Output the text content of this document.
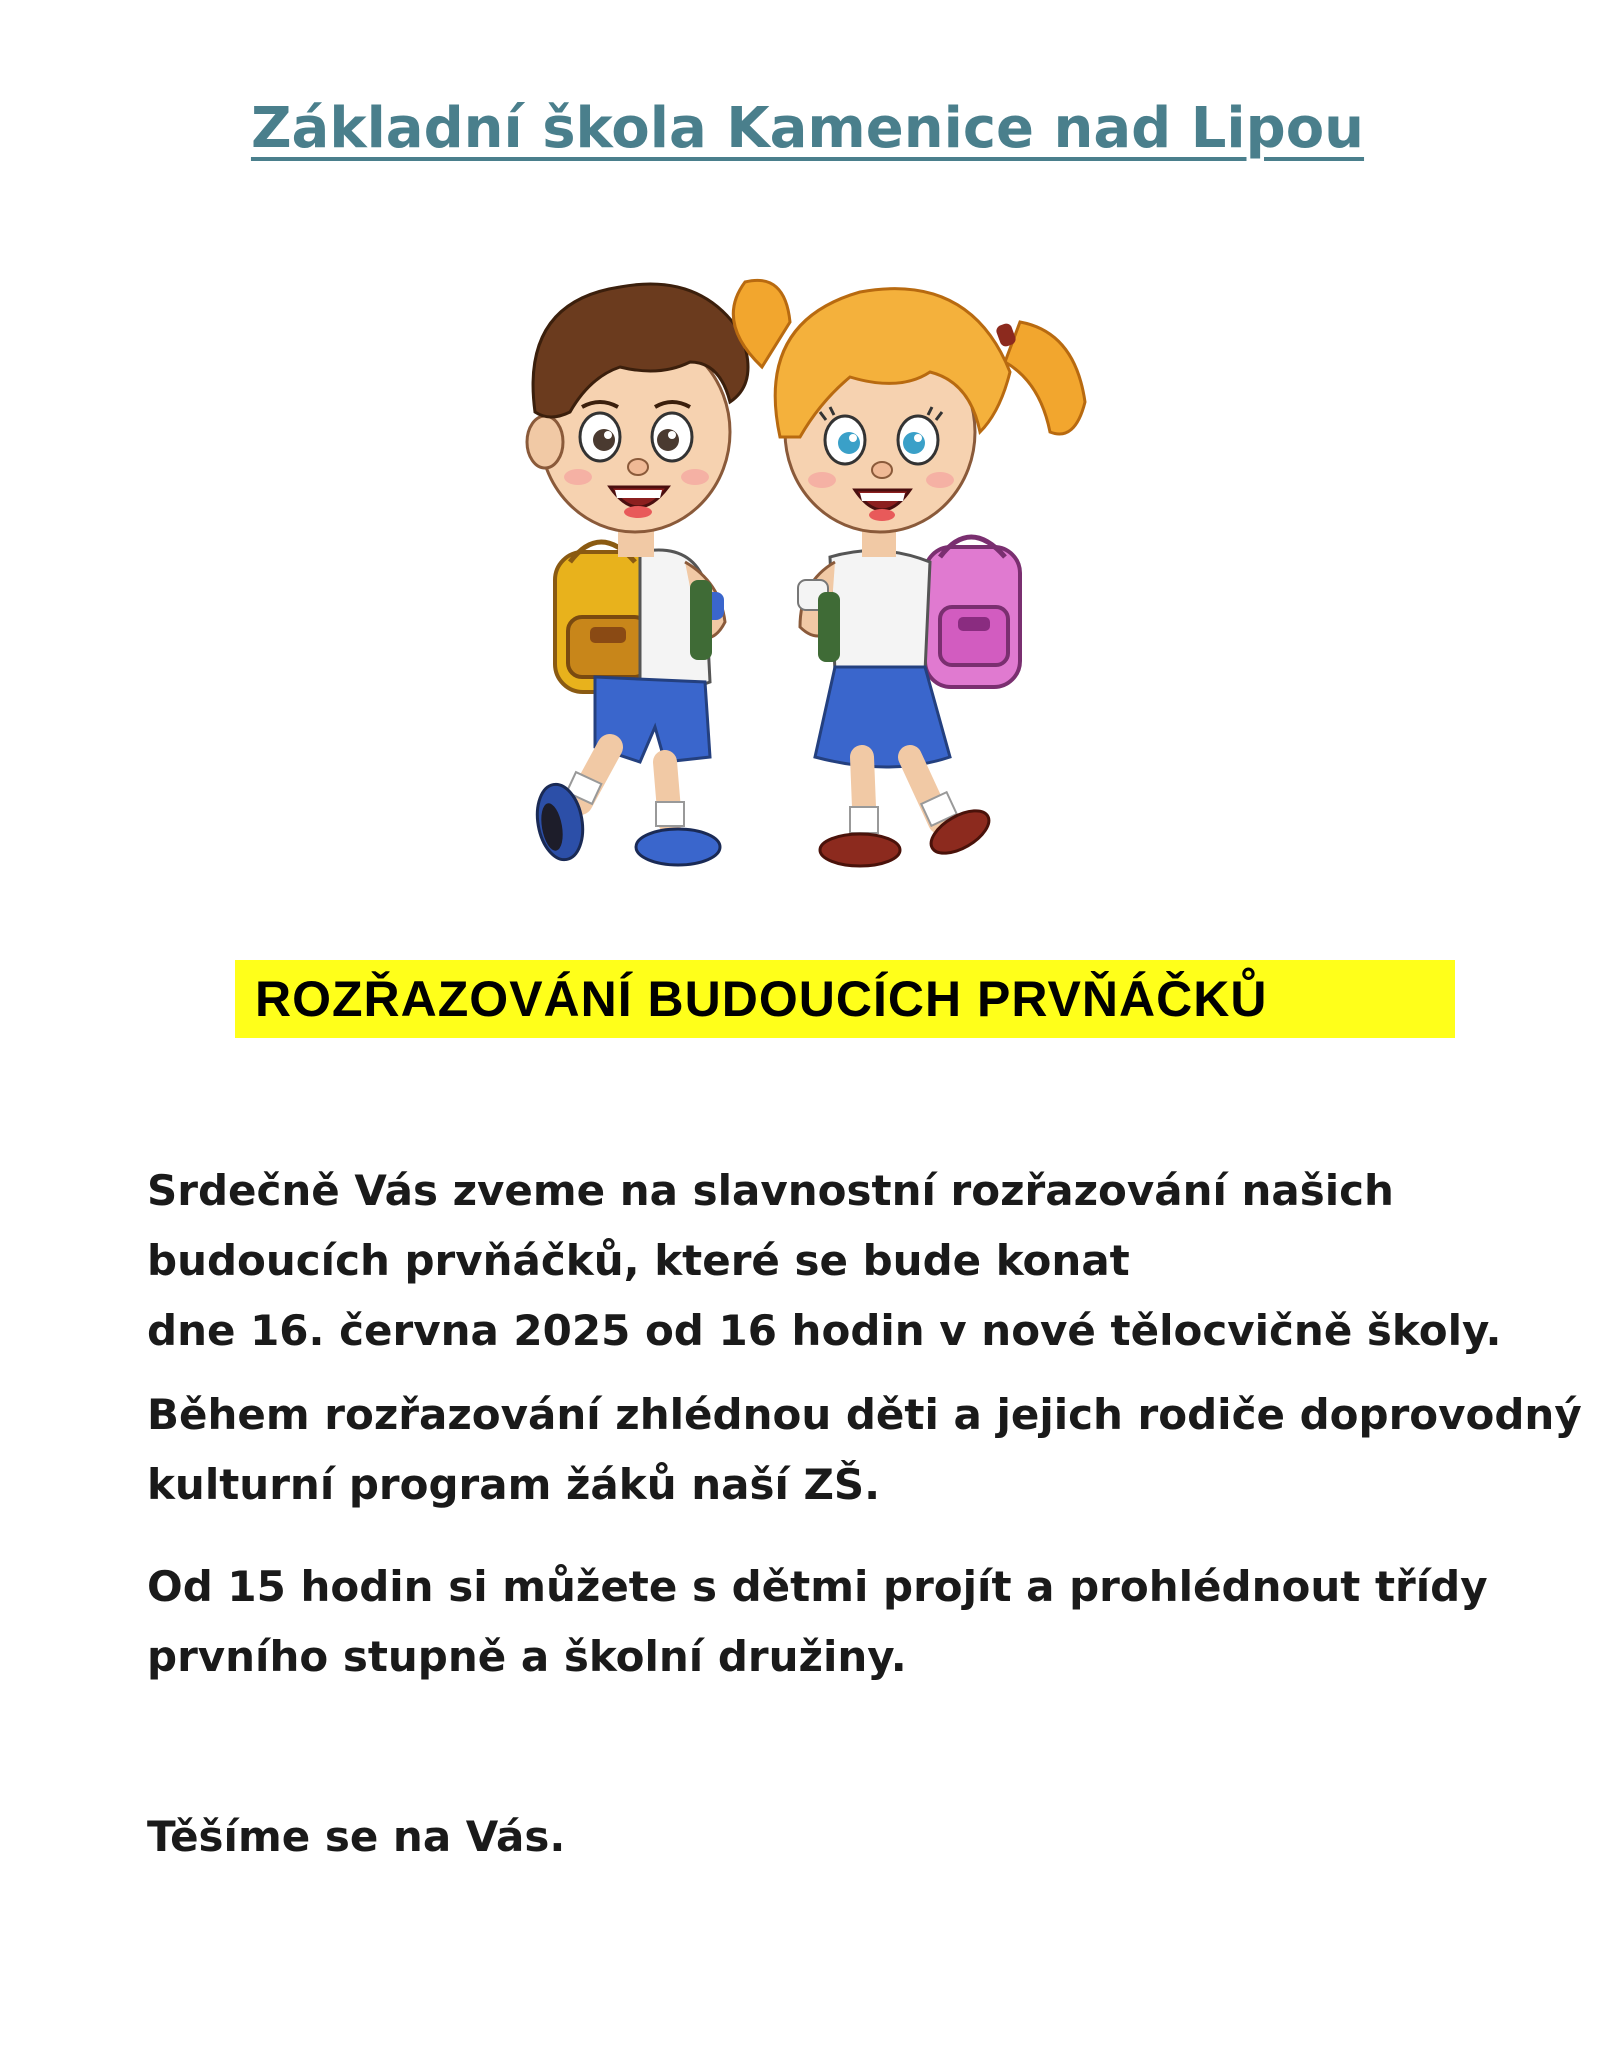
Základní škola Kamenice nad Lipou
ROZŘAZOVÁNÍ BUDOUCÍCH PRVŇÁČKŮ

Srdečně Vás zveme na slavnostní rozřazování našich
budoucích prvňáčků, které se bude konat
dne 16. června 2025 od 16 hodin v nové tělocvičně školy.

Během rozřazování zhlédnou děti a jejich rodiče doprovodný
kulturní program žáků naší ZŠ.

Od 15 hodin si můžete s dětmi projít a prohlédnout třídy
prvního stupně a školní družiny.

Těšíme se na Vás.
